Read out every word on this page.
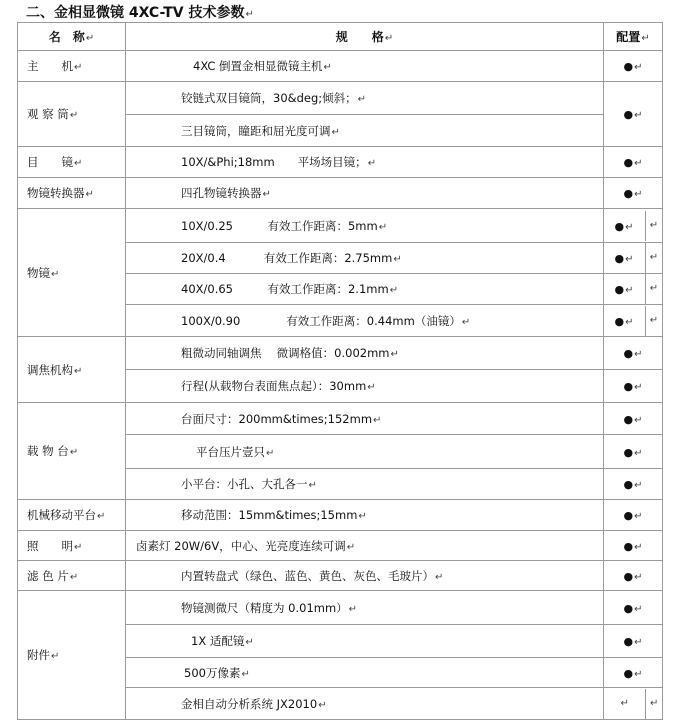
二、金相显微镜 4XC-TV 技术参数↵
名　称↵	规　　格↵	配置↵
主　　机↵	4XC 倒置金相显微镜主机↵	●↵
观 察 筒↵	铰链式双目镜筒，30&deg;倾斜；↵	●↵
	三目镜筒，瞳距和屈光度可调↵	
目　　镜↵	10X/&Phi;18mm　　平场场目镜；↵	●↵
物镜转换器↵	四孔物镜转换器↵	●↵
物镜↵	10X/0.25　　　有效工作距离：5mm↵	●↵ ↵

	20X/0.4　　　 有效工作距离：2.75mm↵	●↵ ↵

	40X/0.65　　　有效工作距离：2.1mm↵	●↵ ↵

	100X/0.90　　　　有效工作距离：0.44mm（油镜）↵	●↵ ↵

调焦机构↵	粗微动同轴调焦　 微调格值：0.002mm↵	●↵
	行程(从载物台表面焦点起）：30mm↵	●↵
载 物 台↵	台面尺寸：200mm&times;152mm↵	●↵
	平台压片壹只↵	●↵
	小平台：小孔、大孔各一↵	●↵
机械移动平台↵	移动范围：15mm&times;15mm↵	●↵
照　　明↵	卤素灯 20W/6V，中心、光亮度连续可调↵	●↵
滤 色 片↵	内置转盘式（绿色、蓝色、黄色、灰色、毛玻片）↵	●↵
附件↵	物镜测微尺（精度为 0.01mm）↵	●↵
	1X 适配镜↵	●↵
	500万像素↵	●↵
	金相自动分析系统 JX2010↵	↵ ↵
